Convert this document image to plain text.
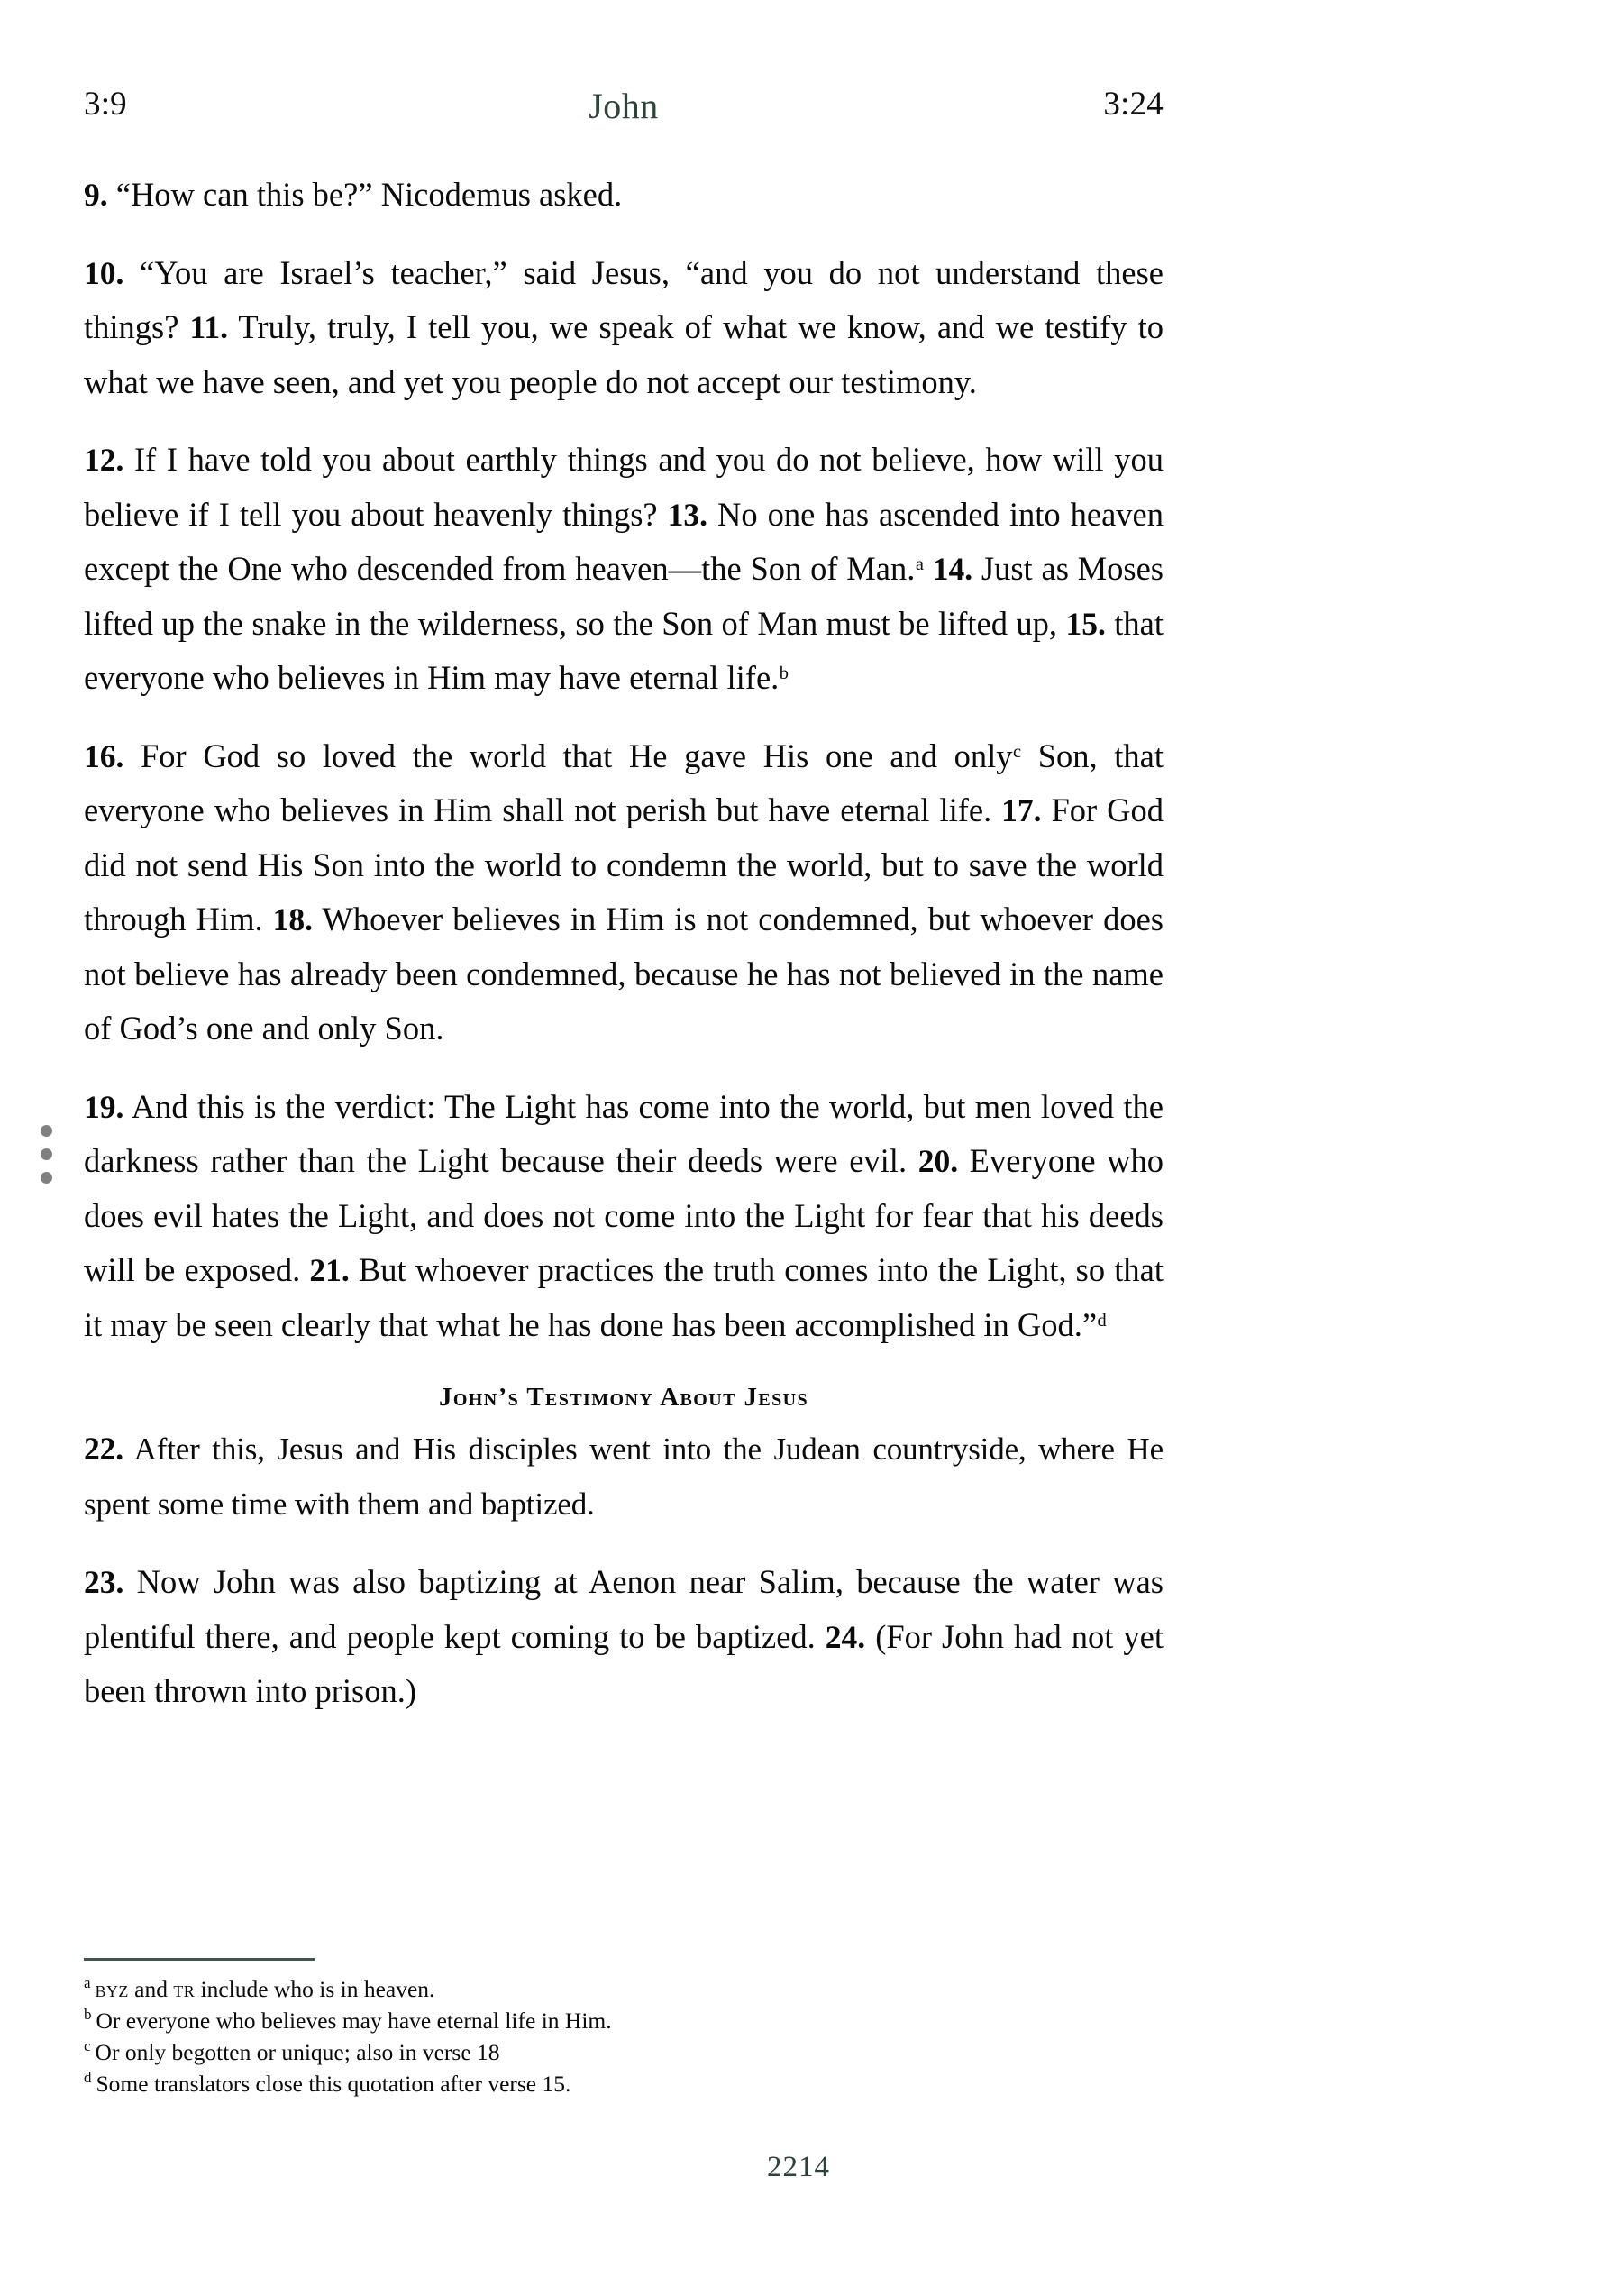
3:9	John	3:24

9. “How can this be?” Nicodemus asked.

10. “You are Israel’s teacher,” said Jesus, “and you do not understand these things? 11. Truly, truly, I tell you, we speak of what we know, and we testify to what we have seen, and yet you people do not accept our testimony.

12. If I have told you about earthly things and you do not believe, how will you believe if I tell you about heavenly things? 13. No one has ascended into heaven except the One who descended from heaven—the Son of Man.$^a$ 14. Just as Moses lifted up the snake in the wilderness, so the Son of Man must be lifted up, 15. that everyone who believes in Him may have eternal life.$^b$

16. For God so loved the world that He gave His one and only$^c$ Son, that everyone who believes in Him shall not perish but have eternal life. 17. For God did not send His Son into the world to condemn the world, but to save the world through Him. 18. Whoever believes in Him is not condemned, but whoever does not believe has already been condemned, because he has not believed in the name of God’s one and only Son.

19. And this is the verdict: The Light has come into the world, but men loved the darkness rather than the Light because their deeds were evil. 20. Everyone who does evil hates the Light, and does not come into the Light for fear that his deeds will be exposed. 21. But whoever practices the truth comes into the Light, so that it may be seen clearly that what he has done has been accomplished in God.”$^d$

John’s Testimony About Jesus

22. After this, Jesus and His disciples went into the Judean countryside, where He spent some time with them and baptized.

23. Now John was also baptizing at Aenon near Salim, because the water was plentiful there, and people kept coming to be baptized. 24. (For John had not yet been thrown into prison.)

$^a$ byz and tr include who is in heaven.
$^b$ Or everyone who believes may have eternal life in Him.
$^c$ Or only begotten or unique; also in verse 18
$^d$ Some translators close this quotation after verse 15.
2214
